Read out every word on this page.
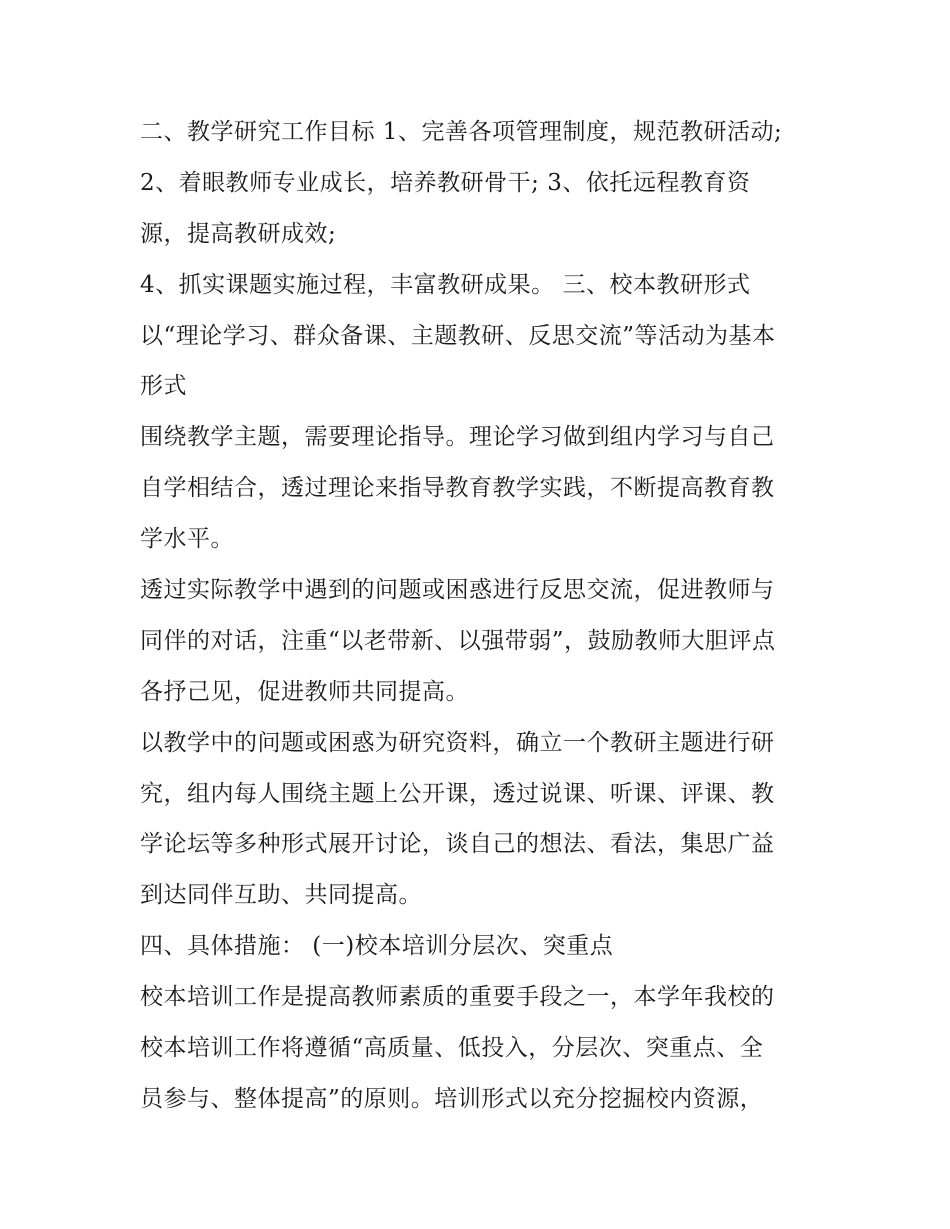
二、教学研究工作目标 1、完善各项管理制度，规范教研活动;
2、着眼教师专业成长，培养教研骨干; 3、依托远程教育资
源，提高教研成效;
4、抓实课题实施过程，丰富教研成果。 三、校本教研形式
以“理论学习、群众备课、主题教研、反思交流”等活动为基本
形式
围绕教学主题，需要理论指导。理论学习做到组内学习与自己
自学相结合，透过理论来指导教育教学实践，不断提高教育教
学水平。
透过实际教学中遇到的问题或困惑进行反思交流，促进教师与
同伴的对话，注重“以老带新、以强带弱”，鼓励教师大胆评点
各抒己见，促进教师共同提高。
以教学中的问题或困惑为研究资料，确立一个教研主题进行研
究，组内每人围绕主题上公开课，透过说课、听课、评课、教
学论坛等多种形式展开讨论，谈自己的想法、看法，集思广益
到达同伴互助、共同提高。
四、具体措施： (一)校本培训分层次、突重点
校本培训工作是提高教师素质的重要手段之一，本学年我校的
校本培训工作将遵循“高质量、低投入，分层次、突重点、全
员参与、整体提高”的原则。培训形式以充分挖掘校内资源，
